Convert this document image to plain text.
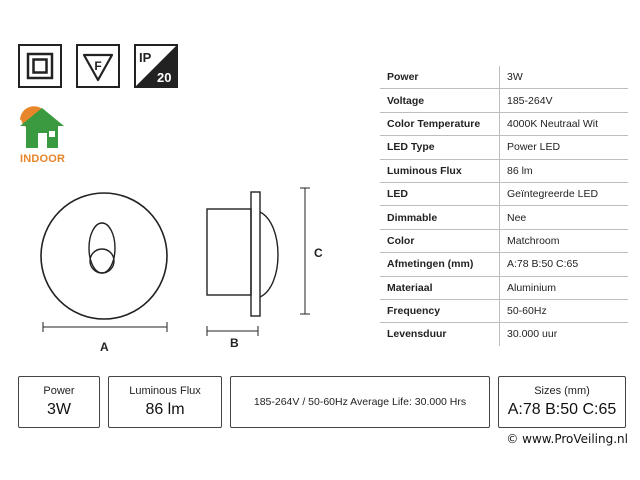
F
IP
20
INDOOR
A	B
C
Power	3W
Voltage	185-264V
Color Temperature	4000K Neutraal Wit
LED Type	Power LED
Luminous Flux	86 lm
LED	Geïntegreerde LED
Dimmable	Nee
Color	Matchroom
Afmetingen (mm)	A:78 B:50 C:65
Materiaal	Aluminium
Frequency	50-60Hz
Levensduur	30.000 uur
Power
3W
Luminous Flux
86 lm	185-264V / 50-60Hz Average Life: 30.000 Hrs
Sizes (mm)
A:78 B:50 C:65
© www.ProVeiling.nl
